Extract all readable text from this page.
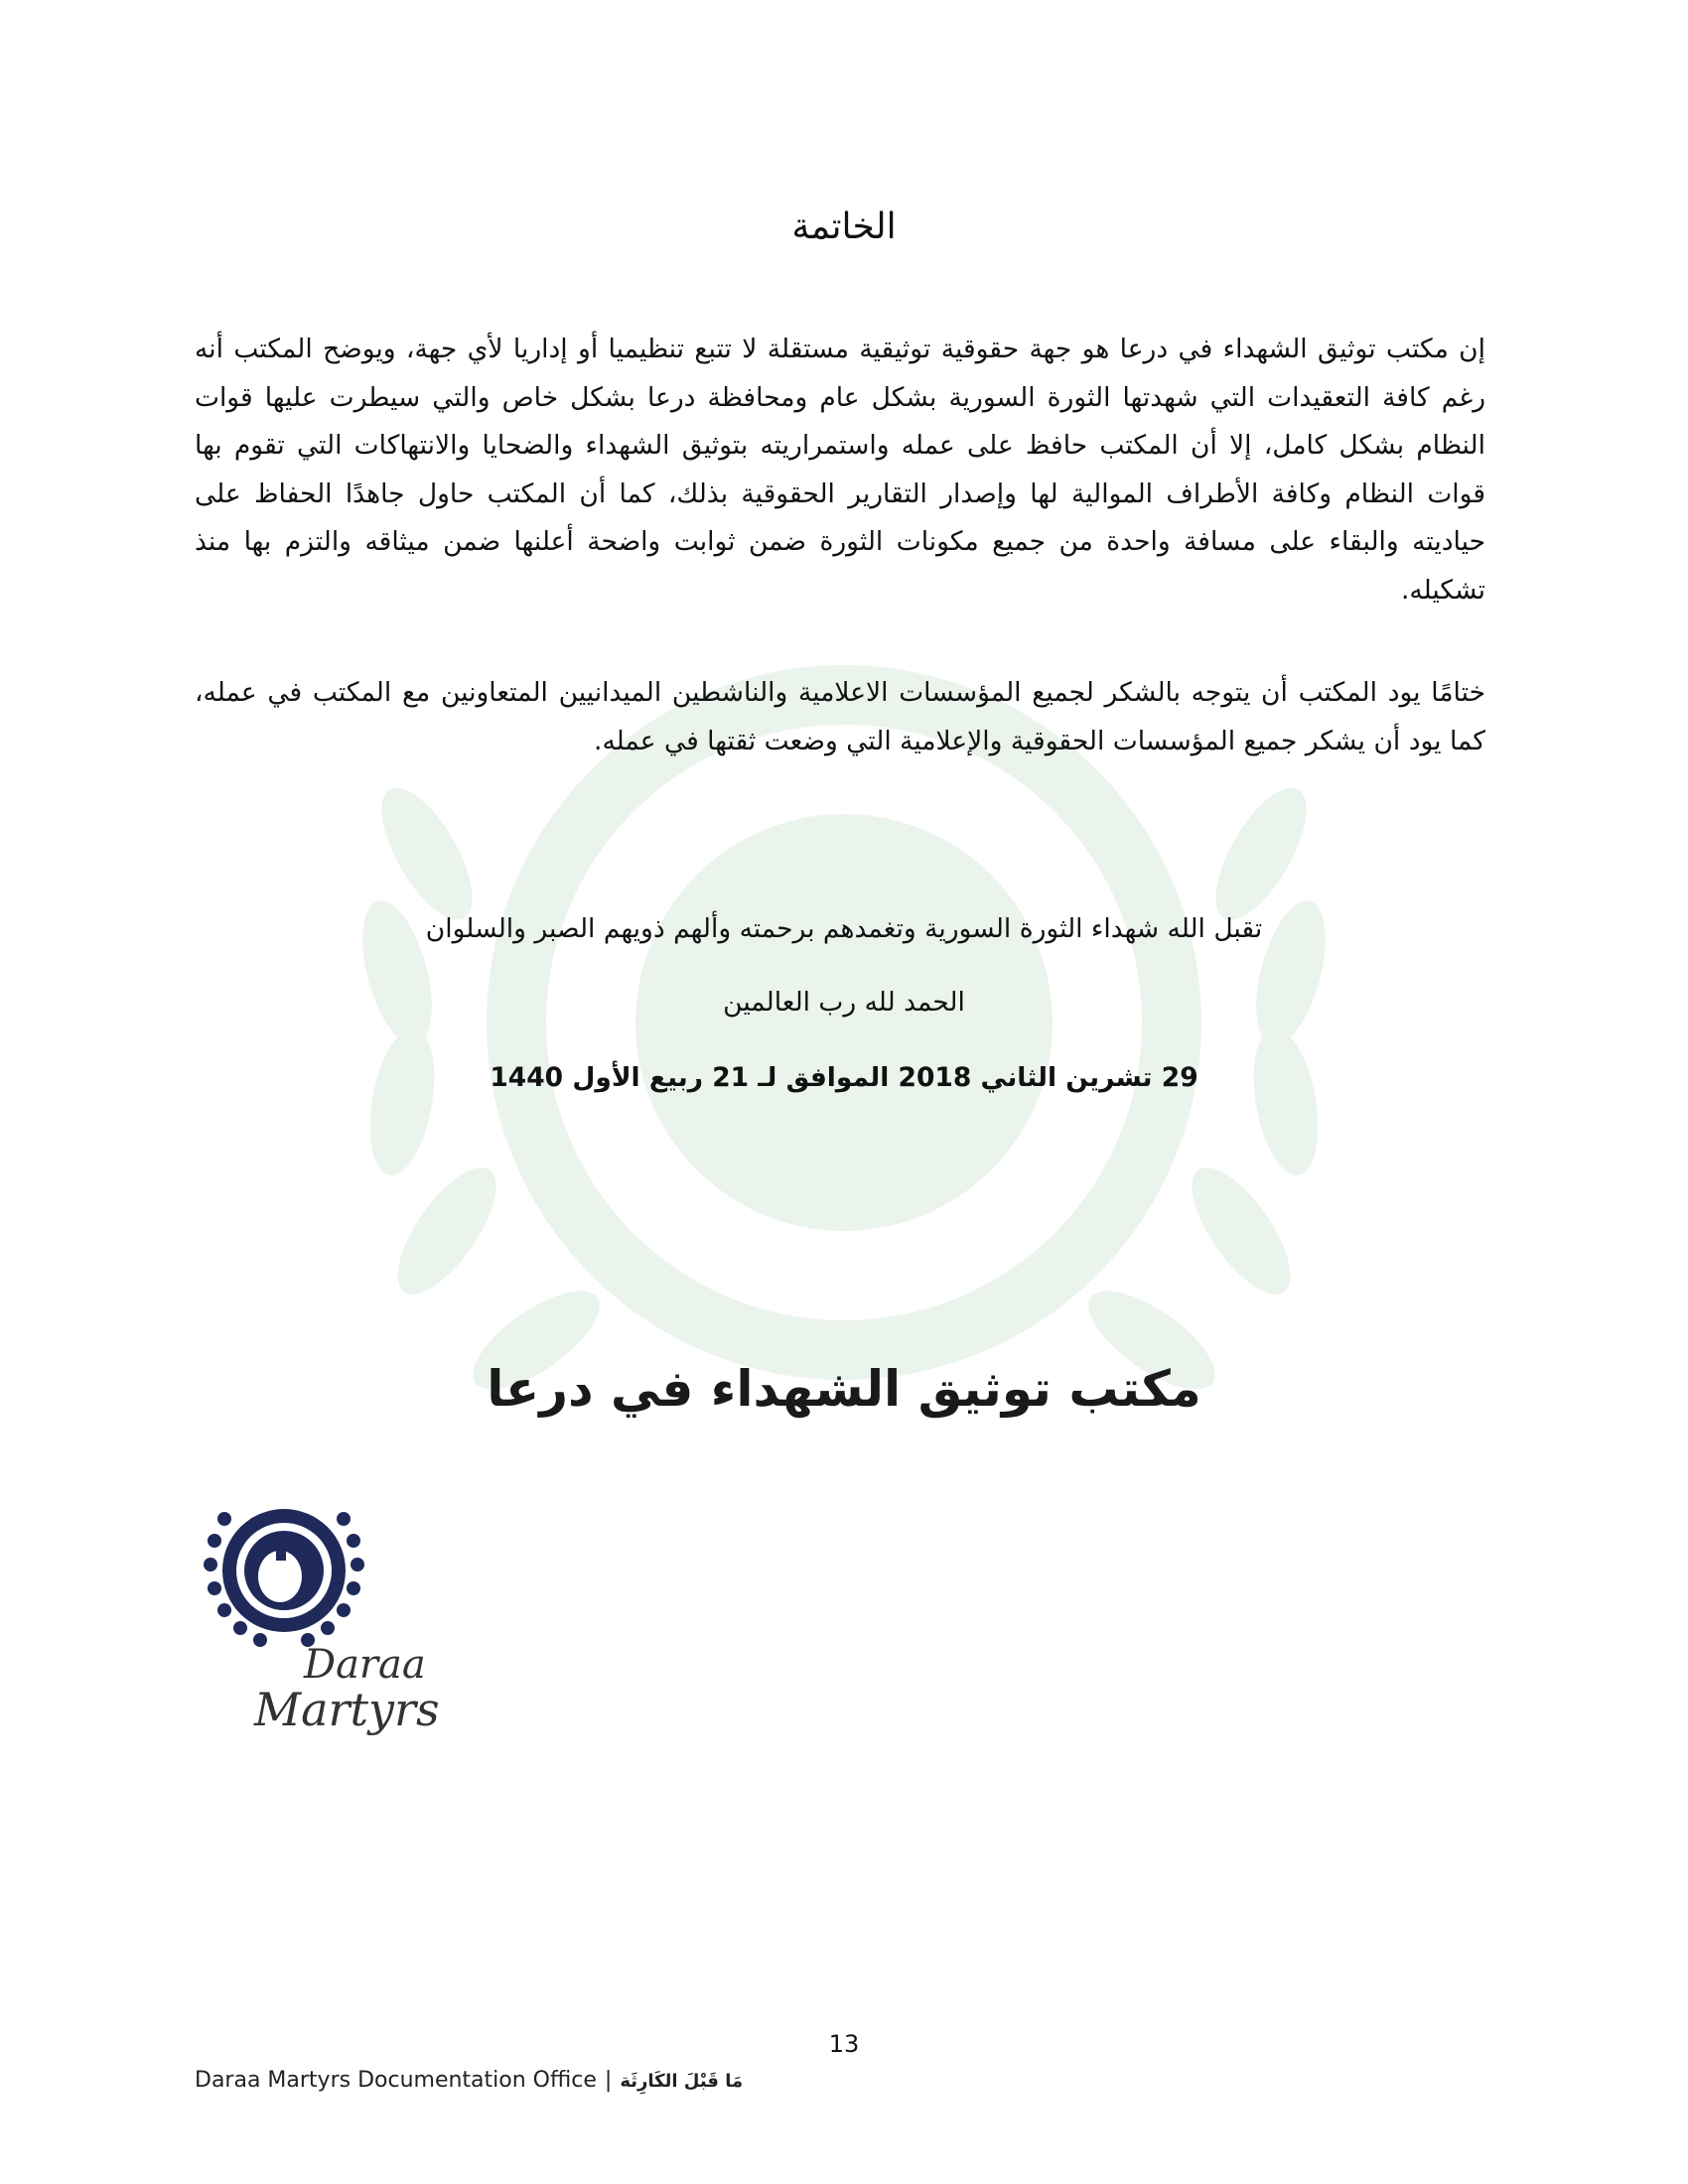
الخاتمة

إن مكتب توثيق الشهداء في درعا هو جهة حقوقية توثيقية مستقلة لا تتبع تنظيميا أو إداريا لأي جهة، ويوضح المكتب أنه رغم كافة التعقيدات التي شهدتها الثورة السورية بشكل عام ومحافظة درعا بشكل خاص والتي سيطرت عليها قوات النظام بشكل كامل، إلا أن المكتب حافظ على عمله واستمراريته بتوثيق الشهداء والضحايا والانتهاكات التي تقوم بها قوات النظام وكافة الأطراف الموالية لها وإصدار التقارير الحقوقية بذلك، كما أن المكتب حاول جاهدًا الحفاظ على حياديته والبقاء على مسافة واحدة من جميع مكونات الثورة ضمن ثوابت واضحة أعلنها ضمن ميثاقه والتزم بها منذ تشكيله.

ختامًا يود المكتب أن يتوجه بالشكر لجميع المؤسسات الاعلامية والناشطين الميدانيين المتعاونين مع المكتب في عمله، كما يود أن يشكر جميع المؤسسات الحقوقية والإعلامية التي وضعت ثقتها في عمله.

تقبل الله شهداء الثورة السورية وتغمدهم برحمته وألهم ذويهم الصبر والسلوان
الحمد لله رب العالمين
29 تشرين الثاني 2018 الموافق لـ 21 ربيع الأول 1440
مكتب توثيق الشهداء في درعا
Daraa
Martyrs
13
Daraa Martyrs Documentation Office | مَا قَبْلَ الكَارِثَة
